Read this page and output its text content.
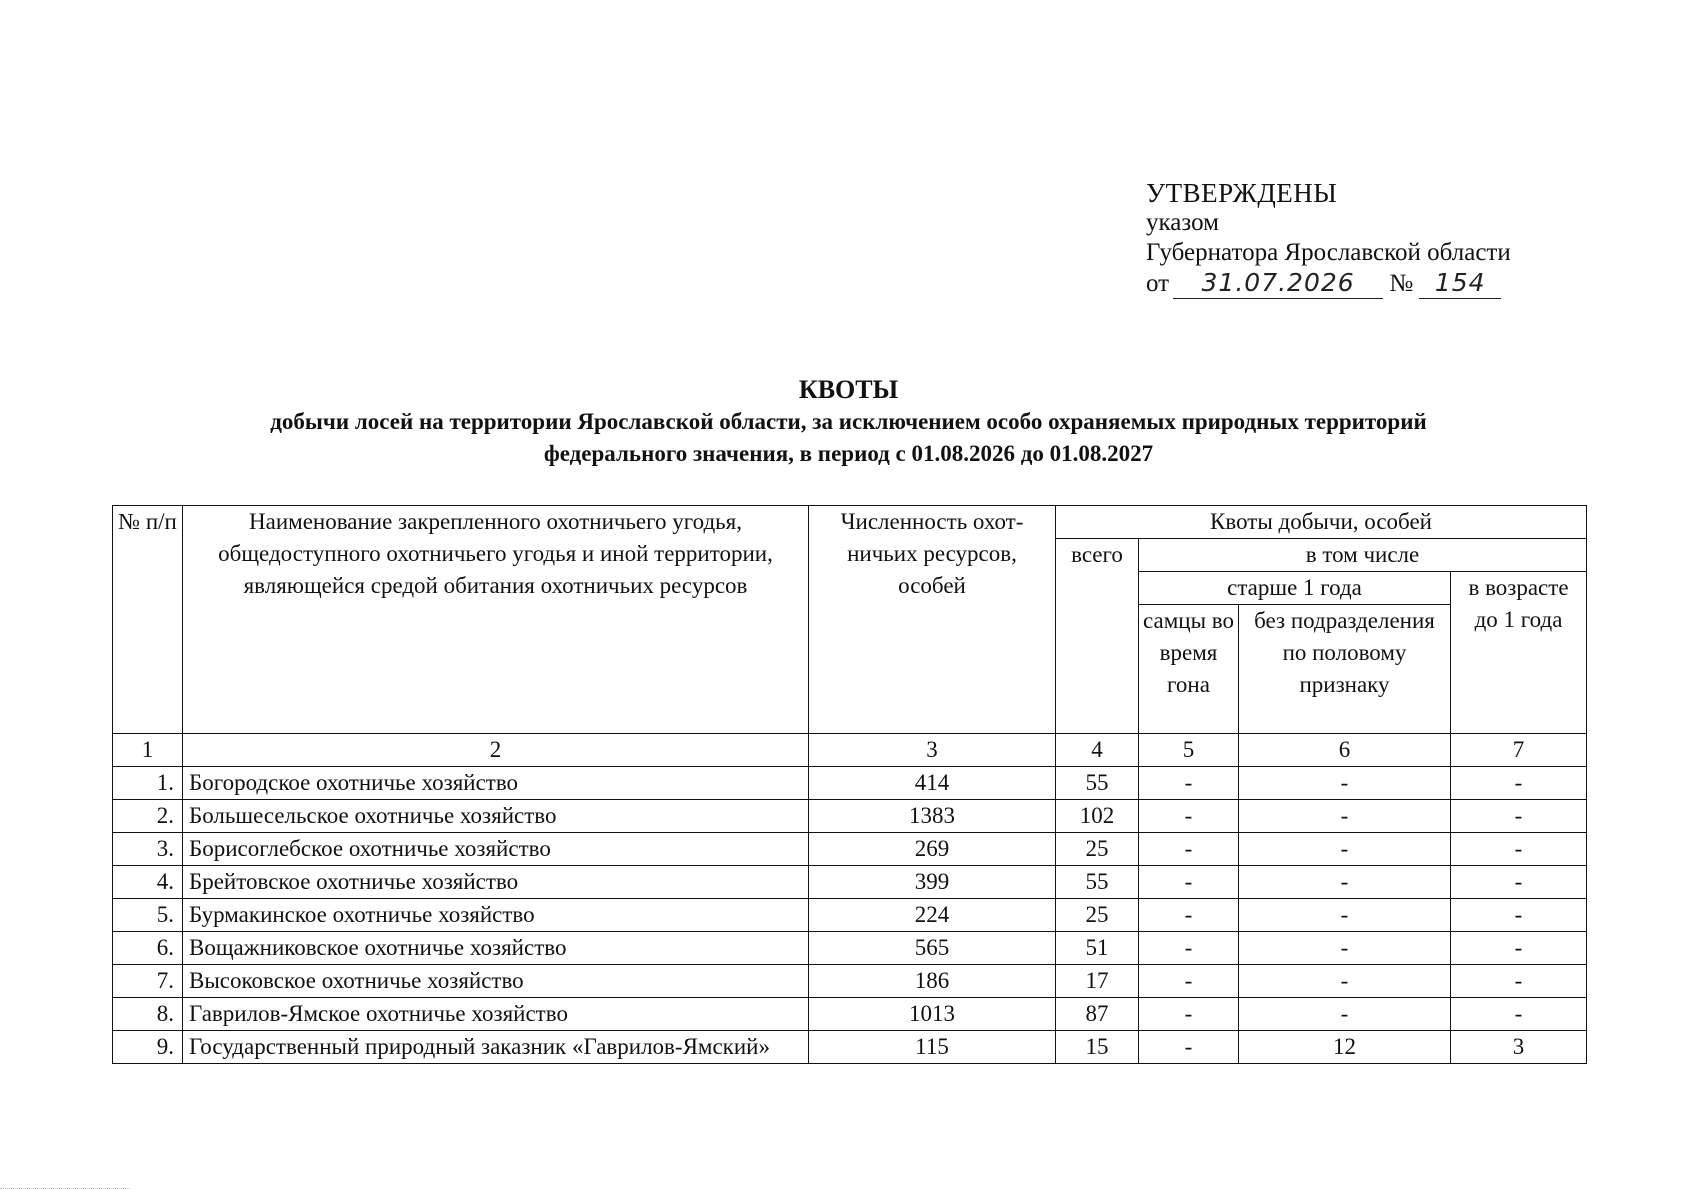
УТВЕРЖДЕНЫ
указом
Губернатора Ярославской области
от 31.07.2026 № 154
КВОТЫ
добычи лосей на территории Ярославской области, за исключением особо охраняемых природных территорий
федерального значения, в период с 01.08.2026 до 01.08.2027
№ п/п	Наименование закрепленного охотничьего угодья, общедоступного охотничьего угодья и иной территории, являющейся средой обитания охотничьих ресурсов	Численность охот- ничьих ресурсов, особей	Квоты добычи, особей			
			всего	в том числе		
				старше 1 года		в возрасте до 1 года
				самцы во время гона	без подразделения по половому признаку	
1	2	3	4	5	6	7
1.	Богородское охотничье хозяйство	414	55	-	-	-
2.	Большесельское охотничье хозяйство	1383	102	-	-	-
3.	Борисоглебское охотничье хозяйство	269	25	-	-	-
4.	Брейтовское охотничье хозяйство	399	55	-	-	-
5.	Бурмакинское охотничье хозяйство	224	25	-	-	-
6.	Вощажниковское охотничье хозяйство	565	51	-	-	-
7.	Высоковское охотничье хозяйство	186	17	-	-	-
8.	Гаврилов-Ямское охотничье хозяйство	1013	87	-	-	-
9.	Государственный природный заказник «Гаврилов-Ямский»	115	15	-	12	3
